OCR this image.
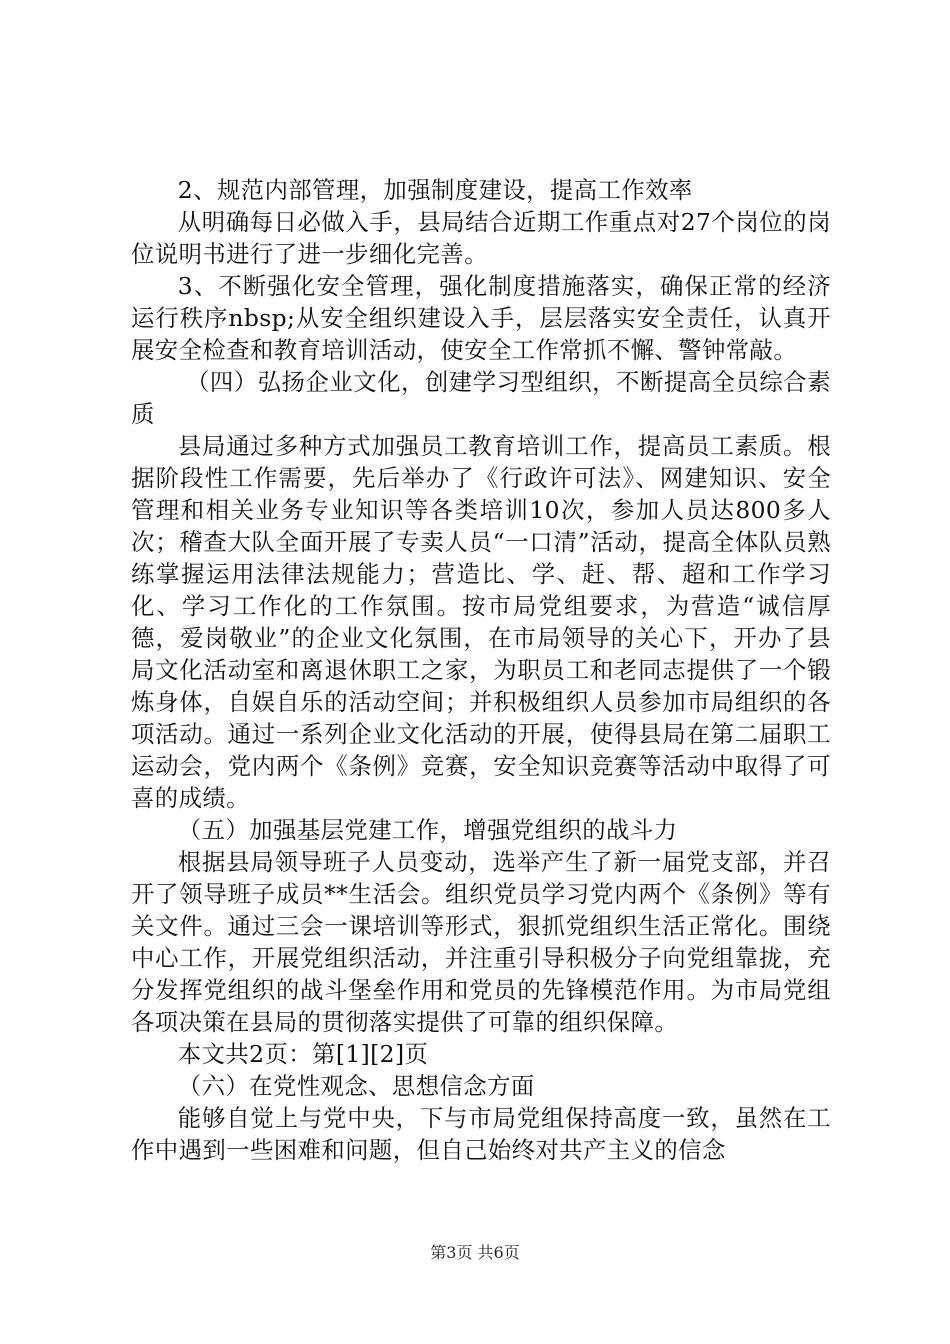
2、规范内部管理，加强制度建设，提高工作效率

从明确每日必做入手，县局结合近期工作重点对27个岗位的岗位说明书进行了进一步细化完善。

3、不断强化安全管理，强化制度措施落实，确保正常的经济运行秩序nbsp;从安全组织建设入手，层层落实安全责任，认真开展安全检查和教育培训活动，使安全工作常抓不懈、警钟常敲。

（四）弘扬企业文化，创建学习型组织，不断提高全员综合素质

县局通过多种方式加强员工教育培训工作，提高员工素质。根据阶段性工作需要，先后举办了《行政许可法》、网建知识、安全管理和相关业务专业知识等各类培训10次，参加人员达800多人次；稽查大队全面开展了专卖人员“一口清”活动，提高全体队员熟练掌握运用法律法规能力；营造比、学、赶、帮、超和工作学习化、学习工作化的工作氛围。按市局党组要求，为营造“诚信厚德，爱岗敬业”的企业文化氛围，在市局领导的关心下，开办了县局文化活动室和离退休职工之家，为职员工和老同志提供了一个锻炼身体，自娱自乐的活动空间；并积极组织人员参加市局组织的各项活动。通过一系列企业文化活动的开展，使得县局在第二届职工运动会，党内两个《条例》竞赛，安全知识竞赛等活动中取得了可喜的成绩。

（五）加强基层党建工作，增强党组织的战斗力

根据县局领导班子人员变动，选举产生了新一届党支部，并召开了领导班子成员**生活会。组织党员学习党内两个《条例》等有关文件。通过三会一课培训等形式，狠抓党组织生活正常化。围绕中心工作，开展党组织活动，并注重引导积极分子向党组靠拢，充分发挥党组织的战斗堡垒作用和党员的先锋模范作用。为市局党组各项决策在县局的贯彻落实提供了可靠的组织保障。

本文共2页：第[1][2]页

（六）在党性观念、思想信念方面

能够自觉上与党中央，下与市局党组保持高度一致，虽然在工作中遇到一些困难和问题，但自己始终对共产主义的信念

第3页 共6页
